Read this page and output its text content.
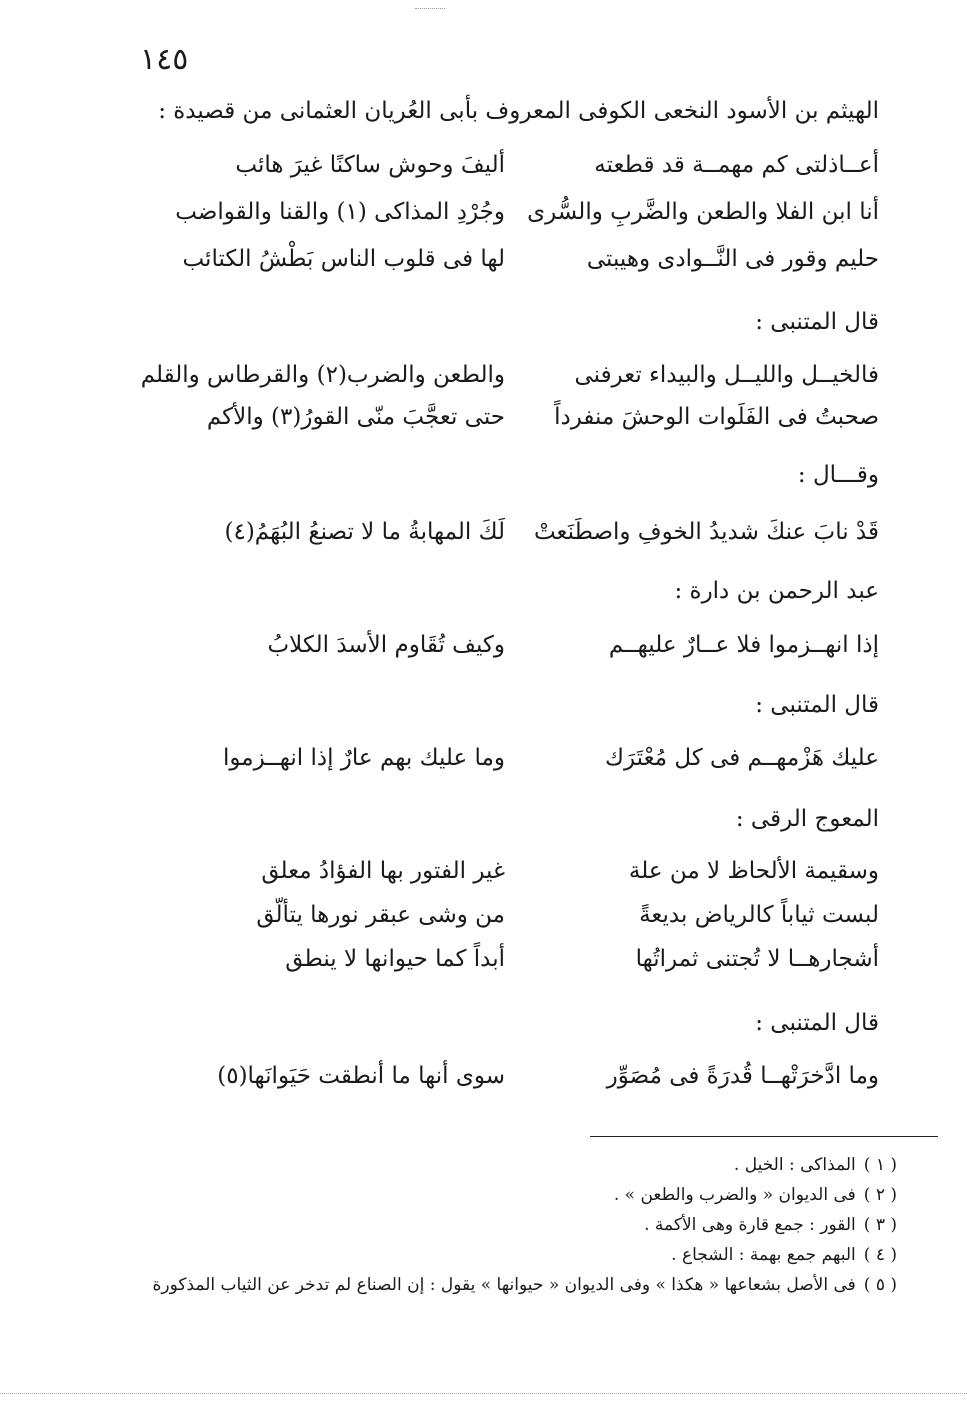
١٤٥
الهيثم بن الأسود النخعى الكوفى المعروف بأبى العُريان العثمانى من قصيدة :
أعــاذلتى كم مهمــة قد قطعته
أليفَ وحوش ساكنًا غيرَ هائب
أنا ابن الفلا والطعن والضَّربِ والسُّرى
وجُرْدِ المذاكى (١) والقنا والقواضب
حليم وقور فى النَّــوادى وهيبتى
لها فى قلوب الناس بَطْشُ الكتائب
قال المتنبى :
فالخيــل والليــل والبيداء تعرفنى
والطعن والضرب(٢) والقرطاس والقلم
صحبتُ فى الفَلَوات الوحشَ منفرداً
حتى تعجَّبَ منّى القورُ(٣) والأكم
وقـــال :
قَدْ نابَ عنكَ شديدُ الخوفِ واصطَنَعتْ
لَكَ المهابةُ ما لا تصنعُ البُهَمُ(٤)
عبد الرحمن بن دارة :
إذا انهــزموا فلا عــارٌ عليهــم
وكيف تُقَاوم الأسدَ الكلابُ
قال المتنبى :
عليك هَزْمهــم فى كل مُعْتَرَك
وما عليك بهم عارٌ إذا انهــزموا
المعوج الرقى :
وسقيمة الألحاظ لا من علة
غير الفتور بها الفؤادُ معلق
لبست ثياباً كالرياض بديعةً
من وشى عبقر نورها يتألّق
أشجارهــا لا تُجتنى ثمراتُها
أبداً كما حيوانها لا ينطق
قال المتنبى :
وما ادَّخرَتْهــا قُدرَةً فى مُصَوِّر
سوى أنها ما أنطقت حَيَوانَها(٥)
( ١ )المذاكى : الخيل .
( ٢ )فى الديوان « والضرب والطعن » .
( ٣ )القور : جمع قارة وهى الأكمة .
( ٤ )البهم جمع بهمة : الشجاع .
( ٥ )فى الأصل بشعاعها « هكذا » وفى الديوان « حيوانها » يقول : إن الصناع لم تدخر عن الثياب المذكورة
